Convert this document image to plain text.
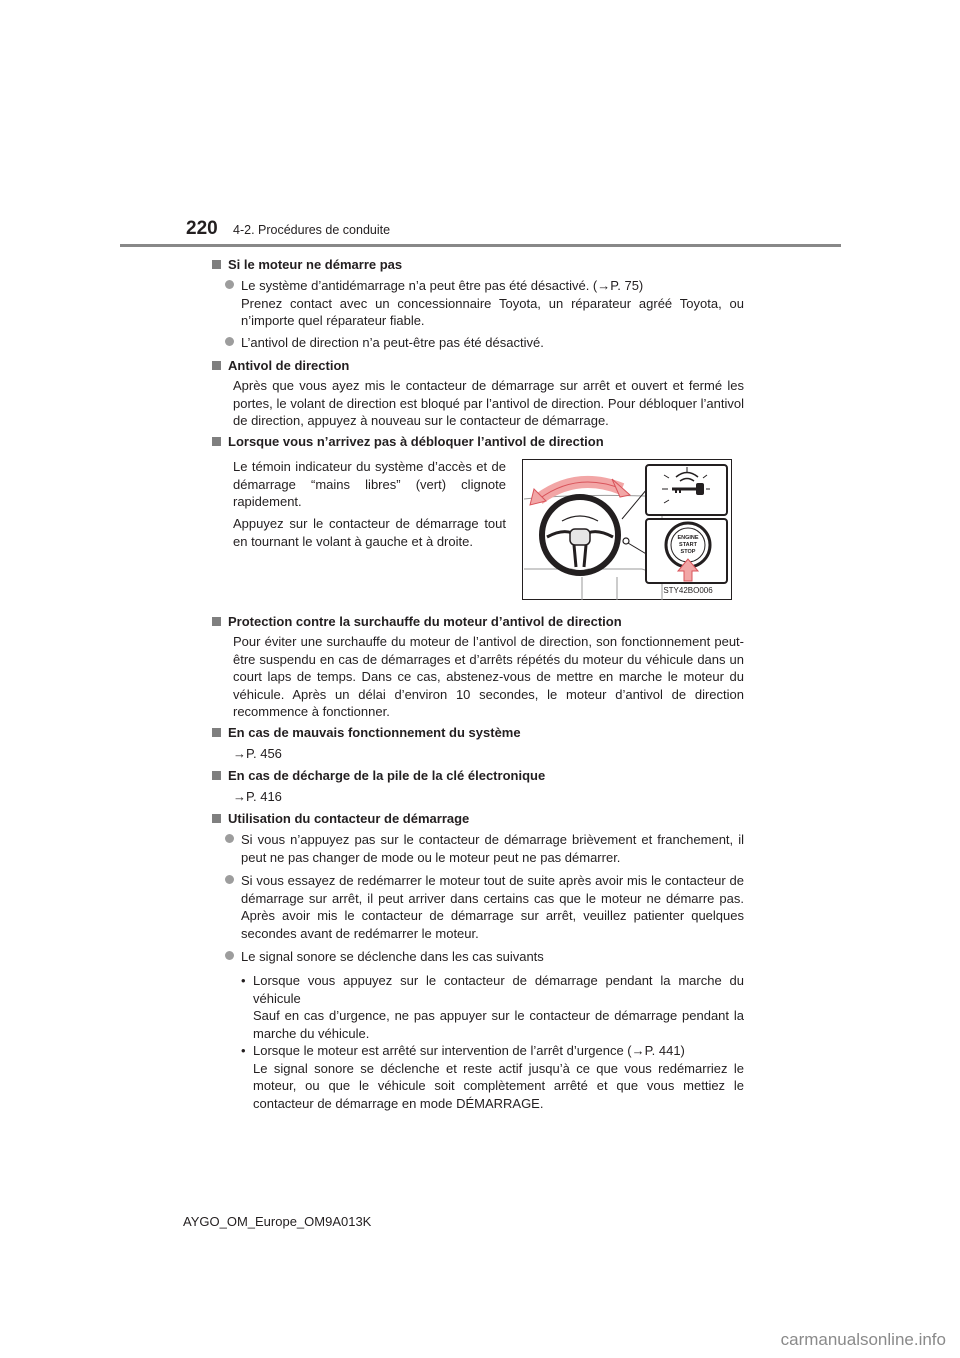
220 4-2. Procédures de conduite
Si le moteur ne démarre pas

Le système d’antidémarrage n’a peut être pas été désactivé. (→P. 75)

Prenez contact avec un concessionnaire Toyota, un réparateur agréé Toyota, ou n’importe quel réparateur fiable.

L’antivol de direction n’a peut-être pas été désactivé.

Antivol de direction
Après que vous ayez mis le contacteur de démarrage sur arrêt et ouvert et fermé les portes, le volant de direction est bloqué par l’antivol de direction. Pour débloquer l’antivol de direction, appuyez à nouveau sur le contacteur de démarrage.
Lorsque vous n’arrivez pas à débloquer l’antivol de direction
Le témoin indicateur du système d’accès et de démarrage “mains libres” (vert) clignote rapidement.
Appuyez sur le contacteur de démarrage tout en tournant le volant à gauche et à droite.	ENGINE
START
STOP
STY42BO006
Protection contre la surchauffe du moteur d’antivol de direction
Pour éviter une surchauffe du moteur de l’antivol de direction, son fonctionnement peut-être suspendu en cas de démarrages et d’arrêts répétés du moteur du véhicule dans un court laps de temps. Dans ce cas, abstenez-vous de mettre en marche le moteur du véhicule. Après un délai d’environ 10 secondes, le moteur d’antivol de direction recommence à fonctionner.
En cas de mauvais fonctionnement du système
→P. 456
En cas de décharge de la pile de la clé électronique
→P. 416
Utilisation du contacteur de démarrage

Si vous n’appuyez pas sur le contacteur de démarrage brièvement et franchement, il peut ne pas changer de mode ou le moteur peut ne pas démarrer.

Si vous essayez de redémarrer le moteur tout de suite après avoir mis le contacteur de démarrage sur arrêt, il peut arriver dans certains cas que le moteur ne démarre pas. Après avoir mis le contacteur de démarrage sur arrêt, veuillez patienter quelques secondes avant de redémarrer le moteur.

Le signal sonore se déclenche dans les cas suivants

• Lorsque vous appuyez sur le contacteur de démarrage pendant la marche du véhicule

Sauf en cas d’urgence, ne pas appuyer sur le contacteur de démarrage pendant la marche du véhicule.

• Lorsque le moteur est arrêté sur intervention de l’arrêt d’urgence (→P. 441)

Le signal sonore se déclenche et reste actif jusqu’à ce que vous redémarriez le moteur, ou que le véhicule soit complètement arrêté et que vous mettiez le contacteur de démarrage en mode DÉMARRAGE.

AYGO_OM_Europe_OM9A013K
carmanualsonline.info
